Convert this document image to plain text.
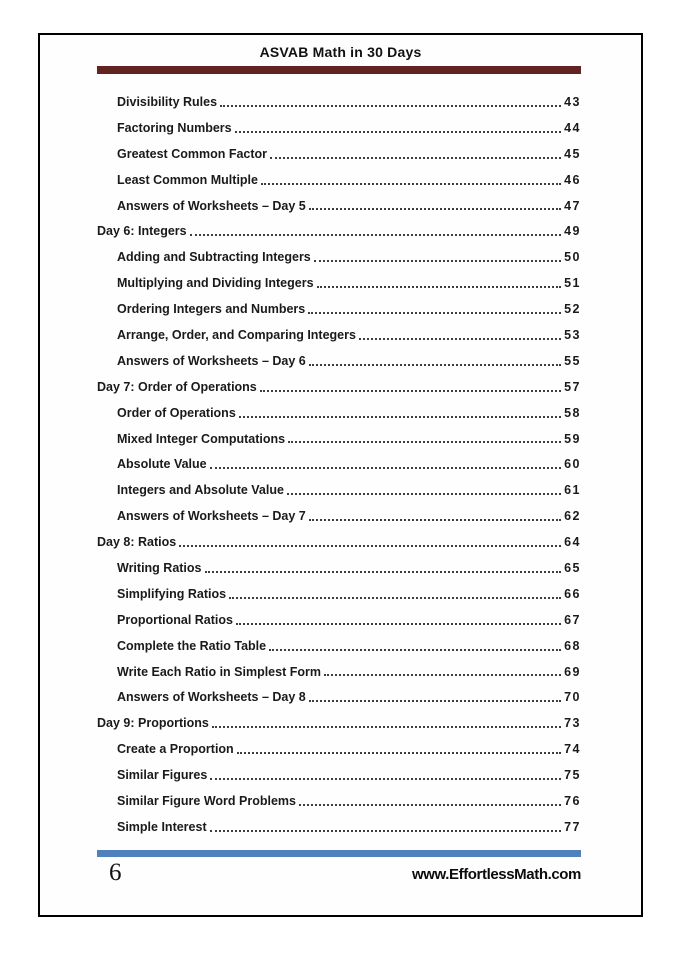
ASVAB Math in 30 Days
Divisibility Rules	43
Factoring Numbers	44
Greatest Common Factor	45
Least Common Multiple	46
Answers of Worksheets – Day 5	47
Day 6: Integers	49
Adding and Subtracting Integers	50
Multiplying and Dividing Integers	51
Ordering Integers and Numbers	52
Arrange, Order, and Comparing Integers	53
Answers of Worksheets – Day 6	55
Day 7: Order of Operations	57
Order of Operations	58
Mixed Integer Computations	59
Absolute Value	60
Integers and Absolute Value	61
Answers of Worksheets – Day 7	62
Day 8: Ratios	64
Writing Ratios	65
Simplifying Ratios	66
Proportional Ratios	67
Complete the Ratio Table	68
Write Each Ratio in Simplest Form	69
Answers of Worksheets – Day 8	70
Day 9: Proportions	73
Create a Proportion	74
Similar Figures	75
Similar Figure Word Problems	76
Simple Interest	77
6	www.EffortlessMath.com
